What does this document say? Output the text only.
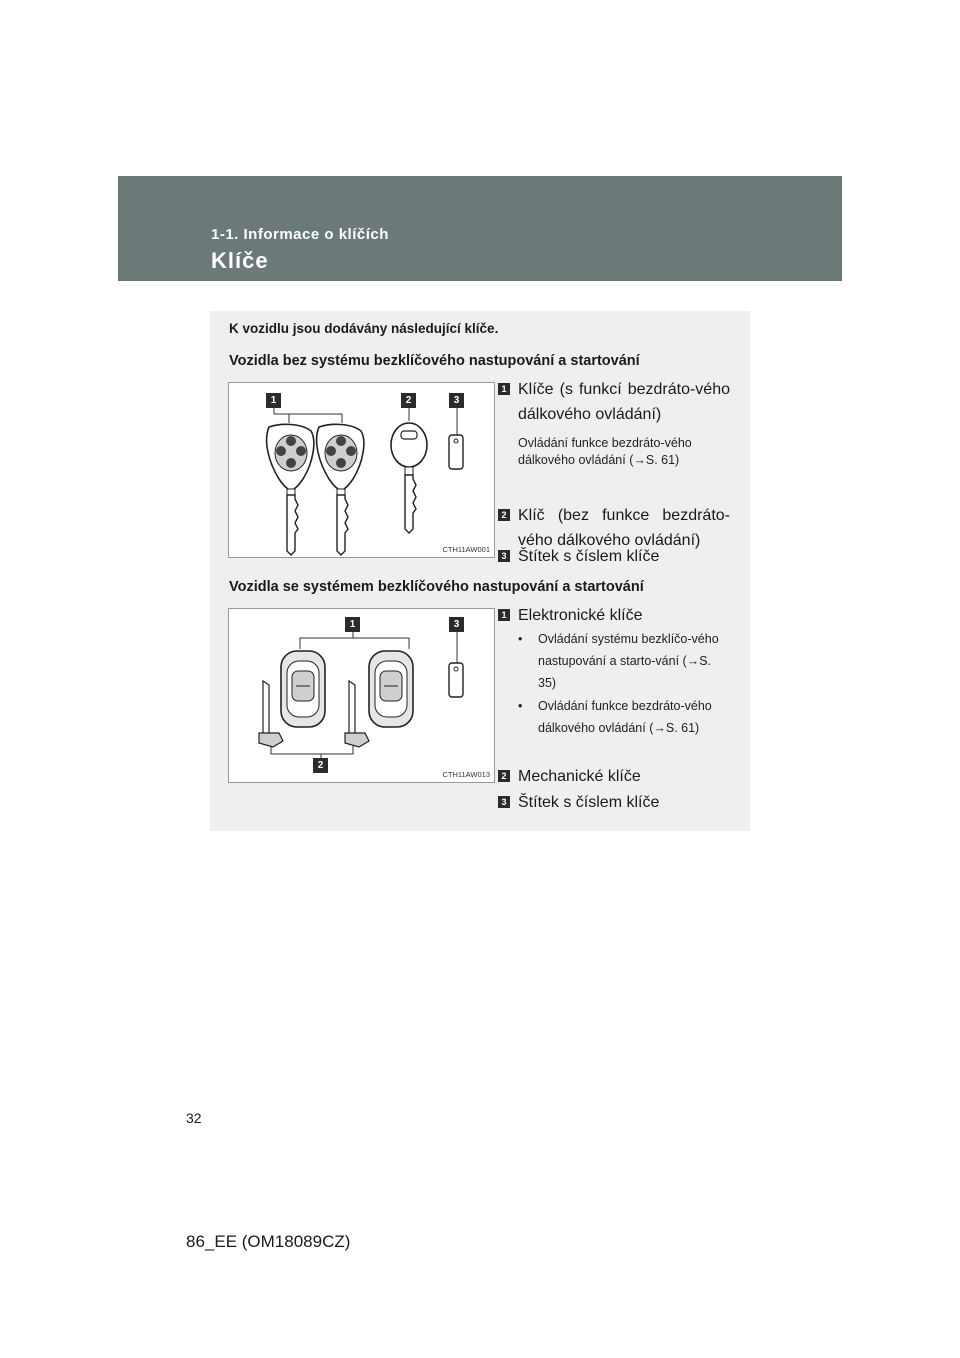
1-1. Informace o klíčích
Klíče
K vozidlu jsou dodávány následující klíče.
Vozidla bez systému bezklíčového nastupování a startování
1	2	3
CTH11AW001
1 Klíče (s funkcí bezdráto-vého dálkového ovládání)
Ovládání funkce bezdráto-vého dálkového ovládání (→S. 61)
2 Klíč (bez funkce bezdráto-vého dálkového ovládání)
3 Štítek s číslem klíče
Vozidla se systémem bezklíčového nastupování a startování
1	3
2
CTH11AW013
1 Elektronické klíče
•	Ovládání systému bezklíčo-vého nastupování a starto-vání (→S. 35)
•	Ovládání funkce bezdráto-vého dálkového ovládání (→S. 61)
2 Mechanické klíče
3 Štítek s číslem klíče
32
86_EE (OM18089CZ)
